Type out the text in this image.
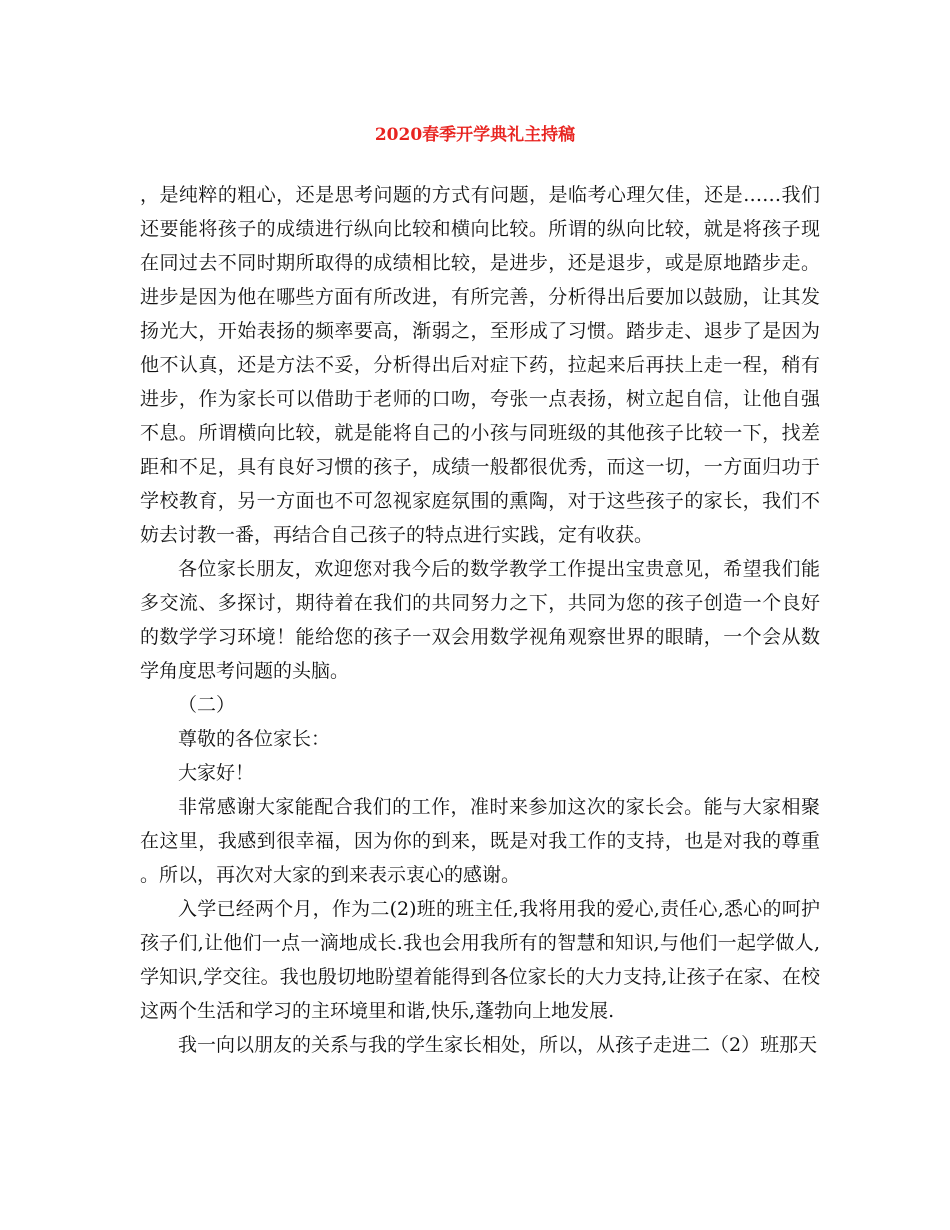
2020春季开学典礼主持稿

，是纯粹的粗心，还是思考问题的方式有问题，是临考心理欠佳，还是……我们还要能将孩子的成绩进行纵向比较和横向比较。所谓的纵向比较，就是将孩子现在同过去不同时期所取得的成绩相比较，是进步，还是退步，或是原地踏步走。进步是因为他在哪些方面有所改进，有所完善，分析得出后要加以鼓励，让其发扬光大，开始表扬的频率要高，渐弱之，至形成了习惯。踏步走、退步了是因为他不认真，还是方法不妥，分析得出后对症下药，拉起来后再扶上走一程，稍有进步，作为家长可以借助于老师的口吻，夸张一点表扬，树立起自信，让他自强不息。所谓横向比较，就是能将自己的小孩与同班级的其他孩子比较一下，找差距和不足，具有良好习惯的孩子，成绩一般都很优秀，而这一切，一方面归功于学校教育，另一方面也不可忽视家庭氛围的熏陶，对于这些孩子的家长，我们不妨去讨教一番，再结合自己孩子的特点进行实践，定有收获。

各位家长朋友，欢迎您对我今后的数学教学工作提出宝贵意见，希望我们能多交流、多探讨，期待着在我们的共同努力之下，共同为您的孩子创造一个良好的数学学习环境！能给您的孩子一双会用数学视角观察世界的眼睛，一个会从数学角度思考问题的头脑。

（二）

尊敬的各位家长：

大家好！

非常感谢大家能配合我们的工作，准时来参加这次的家长会。能与大家相聚在这里，我感到很幸福，因为你的到来，既是对我工作的支持，也是对我的尊重。所以，再次对大家的到来表示衷心的感谢。

入学已经两个月，作为二(2)班的班主任,我将用我的爱心,责任心,悉心的呵护孩子们,让他们一点一滴地成长.我也会用我所有的智慧和知识,与他们一起学做人,学知识,学交往。我也殷切地盼望着能得到各位家长的大力支持,让孩子在家、在校这两个生活和学习的主环境里和谐,快乐,蓬勃向上地发展.

我一向以朋友的关系与我的学生家长相处，所以，从孩子走进二（2）班那天
